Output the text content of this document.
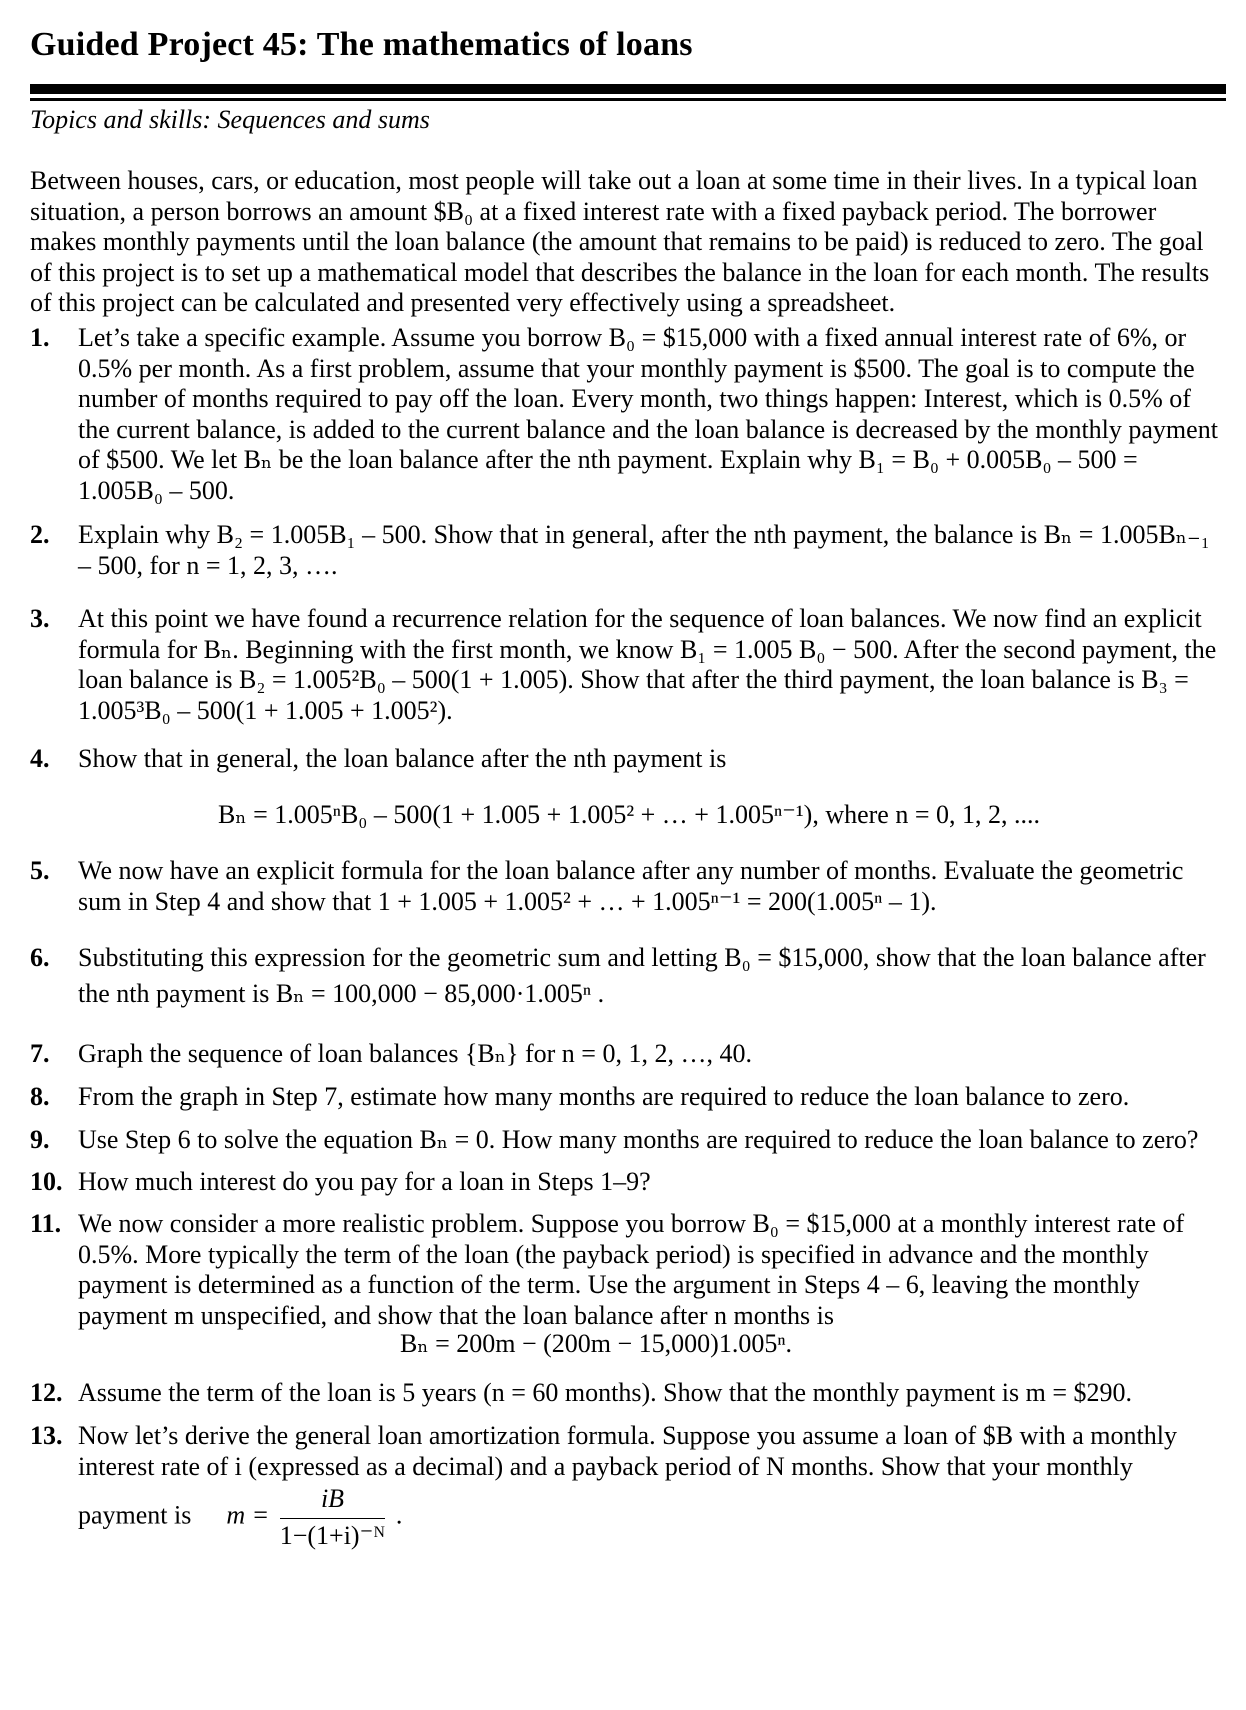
Guided Project 45: The mathematics of loans
Topics and skills: Sequences and sums
Between houses, cars, or education, most people will take out a loan at some time in their lives. In a typical loan situation, a person borrows an amount $B₀ at a fixed interest rate with a fixed payback period. The borrower makes monthly payments until the loan balance (the amount that remains to be paid) is reduced to zero. The goal of this project is to set up a mathematical model that describes the balance in the loan for each month. The results of this project can be calculated and presented very effectively using a spreadsheet.
1. Let’s take a specific example. Assume you borrow B₀ = $15,000 with a fixed annual interest rate of 6%, or 0.5% per month. As a first problem, assume that your monthly payment is $500. The goal is to compute the number of months required to pay off the loan. Every month, two things happen: Interest, which is 0.5% of the current balance, is added to the current balance and the loan balance is decreased by the monthly payment of $500. We let Bₙ be the loan balance after the nth payment. Explain why B₁ = B₀ + 0.005B₀ – 500 = 1.005B₀ – 500.
2. Explain why B₂ = 1.005B₁ – 500. Show that in general, after the nth payment, the balance is Bₙ = 1.005Bₙ₋₁ – 500, for n = 1, 2, 3, ….
3. At this point we have found a recurrence relation for the sequence of loan balances. We now find an explicit formula for Bₙ. Beginning with the first month, we know B₁ = 1.005 B₀ − 500. After the second payment, the loan balance is B₂ = 1.005²B₀ – 500(1 + 1.005). Show that after the third payment, the loan balance is B₃ = 1.005³B₀ – 500(1 + 1.005 + 1.005²).
4. Show that in general, the loan balance after the nth payment is
Bₙ = 1.005ⁿB₀ – 500(1 + 1.005 + 1.005² + … + 1.005ⁿ⁻¹), where n = 0, 1, 2, ....
5. We now have an explicit formula for the loan balance after any number of months. Evaluate the geometric sum in Step 4 and show that 1 + 1.005 + 1.005² + … + 1.005ⁿ⁻¹ = 200(1.005ⁿ – 1).
6. Substituting this expression for the geometric sum and letting B₀ = $15,000, show that the loan balance after the nth payment is Bₙ = 100,000 − 85,000·1.005ⁿ .
7. Graph the sequence of loan balances {Bₙ} for n = 0, 1, 2, …, 40.
8. From the graph in Step 7, estimate how many months are required to reduce the loan balance to zero.
9. Use Step 6 to solve the equation Bₙ = 0. How many months are required to reduce the loan balance to zero?
10. How much interest do you pay for a loan in Steps 1–9?
11. We now consider a more realistic problem. Suppose you borrow B₀ = $15,000 at a monthly interest rate of 0.5%. More typically the term of the loan (the payback period) is specified in advance and the monthly payment is determined as a function of the term. Use the argument in Steps 4 – 6, leaving the monthly payment m unspecified, and show that the loan balance after n months is
Bₙ = 200m − (200m − 15,000)1.005ⁿ.
12. Assume the term of the loan is 5 years (n = 60 months). Show that the monthly payment is m = $290.
13. Now let’s derive the general loan amortization formula. Suppose you assume a loan of $B with a monthly interest rate of i (expressed as a decimal) and a payback period of N months. Show that your monthly
payment is $m = \frac{iB}{\text{1−(1+i)⁻ᴺ}}$ .
